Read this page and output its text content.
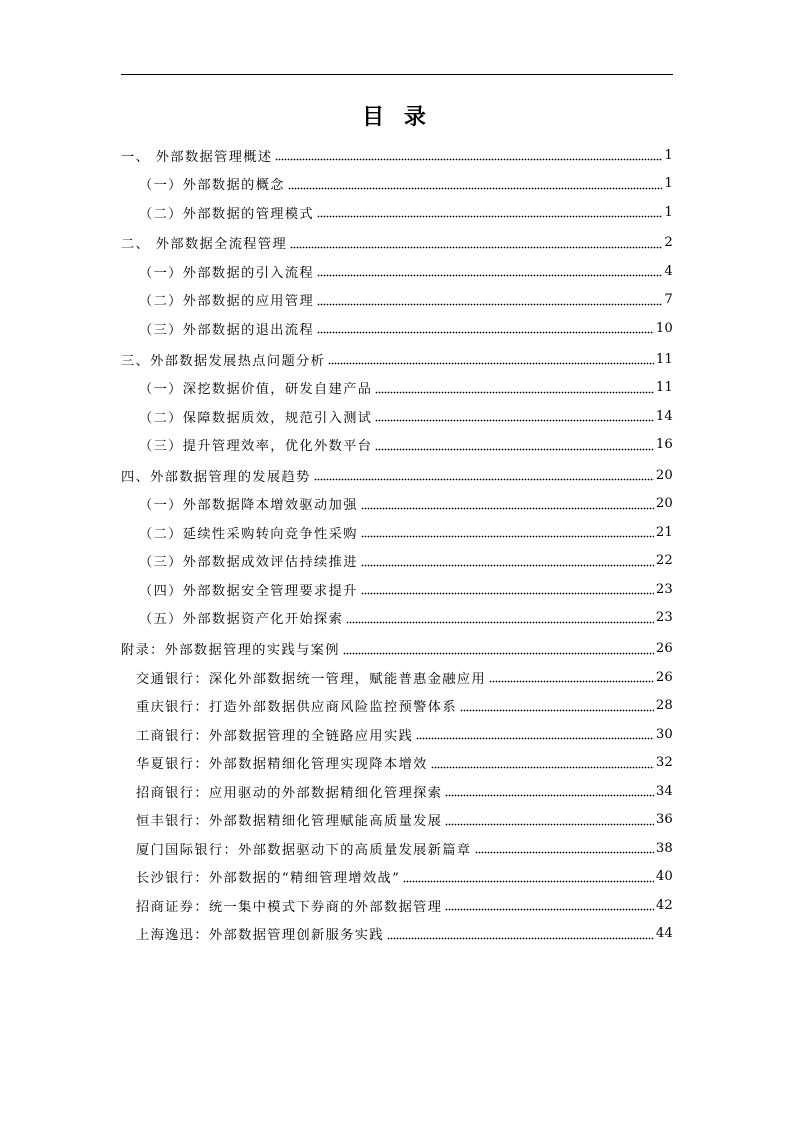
目 录
一、 外部数据管理概述	1
（一）外部数据的概念	1
（二）外部数据的管理模式	1
二、 外部数据全流程管理	2
（一）外部数据的引入流程	4
（二）外部数据的应用管理	7
（三）外部数据的退出流程	10
三、外部数据发展热点问题分析	11
（一）深挖数据价值，研发自建产品	11
（二）保障数据质效，规范引入测试	14
（三）提升管理效率，优化外数平台	16
四、外部数据管理的发展趋势	20
（一）外部数据降本增效驱动加强	20
（二）延续性采购转向竞争性采购	21
（三）外部数据成效评估持续推进	22
（四）外部数据安全管理要求提升	23
（五）外部数据资产化开始探索	23
附录：外部数据管理的实践与案例	26
交通银行：深化外部数据统一管理，赋能普惠金融应用	26
重庆银行：打造外部数据供应商风险监控预警体系	28
工商银行：外部数据管理的全链路应用实践	30
华夏银行：外部数据精细化管理实现降本增效	32
招商银行：应用驱动的外部数据精细化管理探索	34
恒丰银行：外部数据精细化管理赋能高质量发展	36
厦门国际银行：外部数据驱动下的高质量发展新篇章	38
长沙银行：外部数据的“精细管理增效战”	40
招商证券：统一集中模式下券商的外部数据管理	42
上海逸迅：外部数据管理创新服务实践	44
